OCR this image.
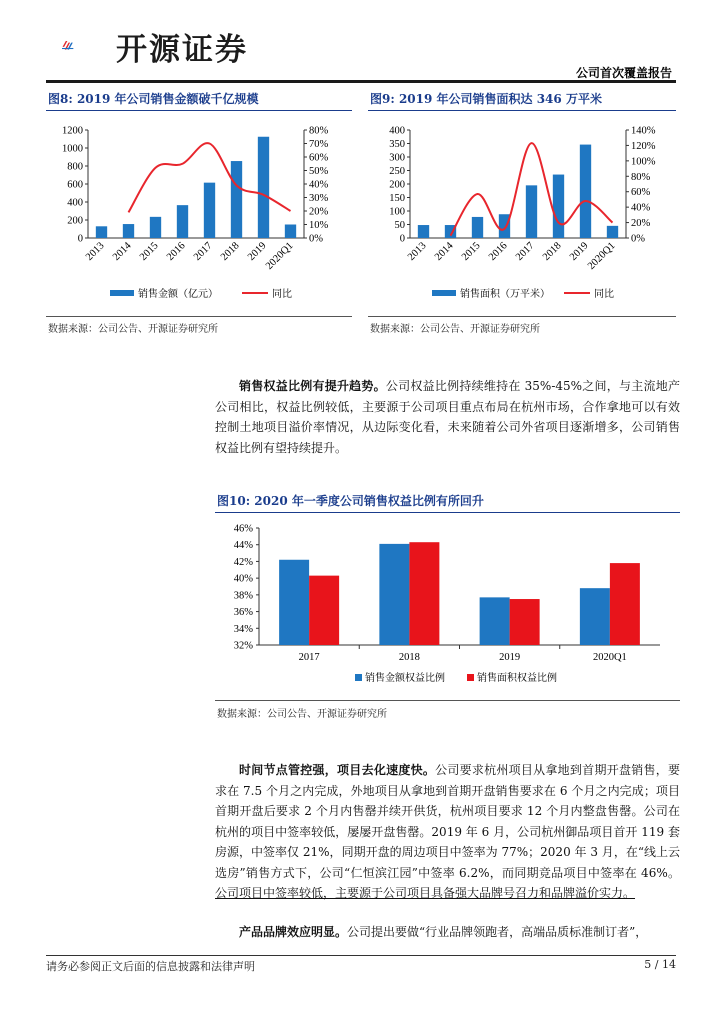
开源证券
公司首次覆盖报告
图8: 2019 年公司销售金额破千亿规模
0
200
400
600
800
1000
1200
0%
10%
20%
30%
40%
50%
60%
70%
80%
2013 2014 2015 2016 2017 2018 2019
2020Q1
销售金额（亿元）	同比
数据来源：公司公告、开源证券研究所
图9: 2019 年公司销售面积达 346 万平米
0
50
100
150
200
250
300
350
400
0%
20%
40%
60%
80%
100%
120%
140%
2013 2014 2015 2016 2017 2018 2019
2020Q1
销售面积（万平米）	同比
数据来源：公司公告、开源证券研究所
销售权益比例有提升趋势。公司权益比例持续维持在 35%-45%之间，与主流地产公司相比，权益比例较低，主要源于公司项目重点布局在杭州市场，合作拿地可以有效控制土地项目溢价率情况，从边际变化看，未来随着公司外省项目逐渐增多，公司销售权益比例有望持续提升。
图10: 2020 年一季度公司销售权益比例有所回升
32%
34%
36%
38%
40%
42%
44%
46%
2017	2018	2019	2020Q1
销售金额权益比例	销售面积权益比例
数据来源：公司公告、开源证券研究所
时间节点管控强，项目去化速度快。公司要求杭州项目从拿地到首期开盘销售，要求在 7.5 个月之内完成，外地项目从拿地到首期开盘销售要求在 6 个月之内完成；项目首期开盘后要求 2 个月内售罄并续开供货，杭州项目要求 12 个月内整盘售罄。公司在杭州的项目中签率较低，屡屡开盘售罄。2019 年 6 月，公司杭州御品项目首开 119 套房源，中签率仅 21%，同期开盘的周边项目中签率为 77%；2020 年 3 月，在“线上云选房”销售方式下，公司“仁恒滨江园”中签率 6.2%，而同期竞品项目中签率在 46%。公司项目中签率较低，主要源于公司项目具备强大品牌号召力和品牌溢价实力。
产品品牌效应明显。公司提出要做“行业品牌领跑者，高端品质标准制订者”，
请务必参阅正文后面的信息披露和法律声明	5 / 14
